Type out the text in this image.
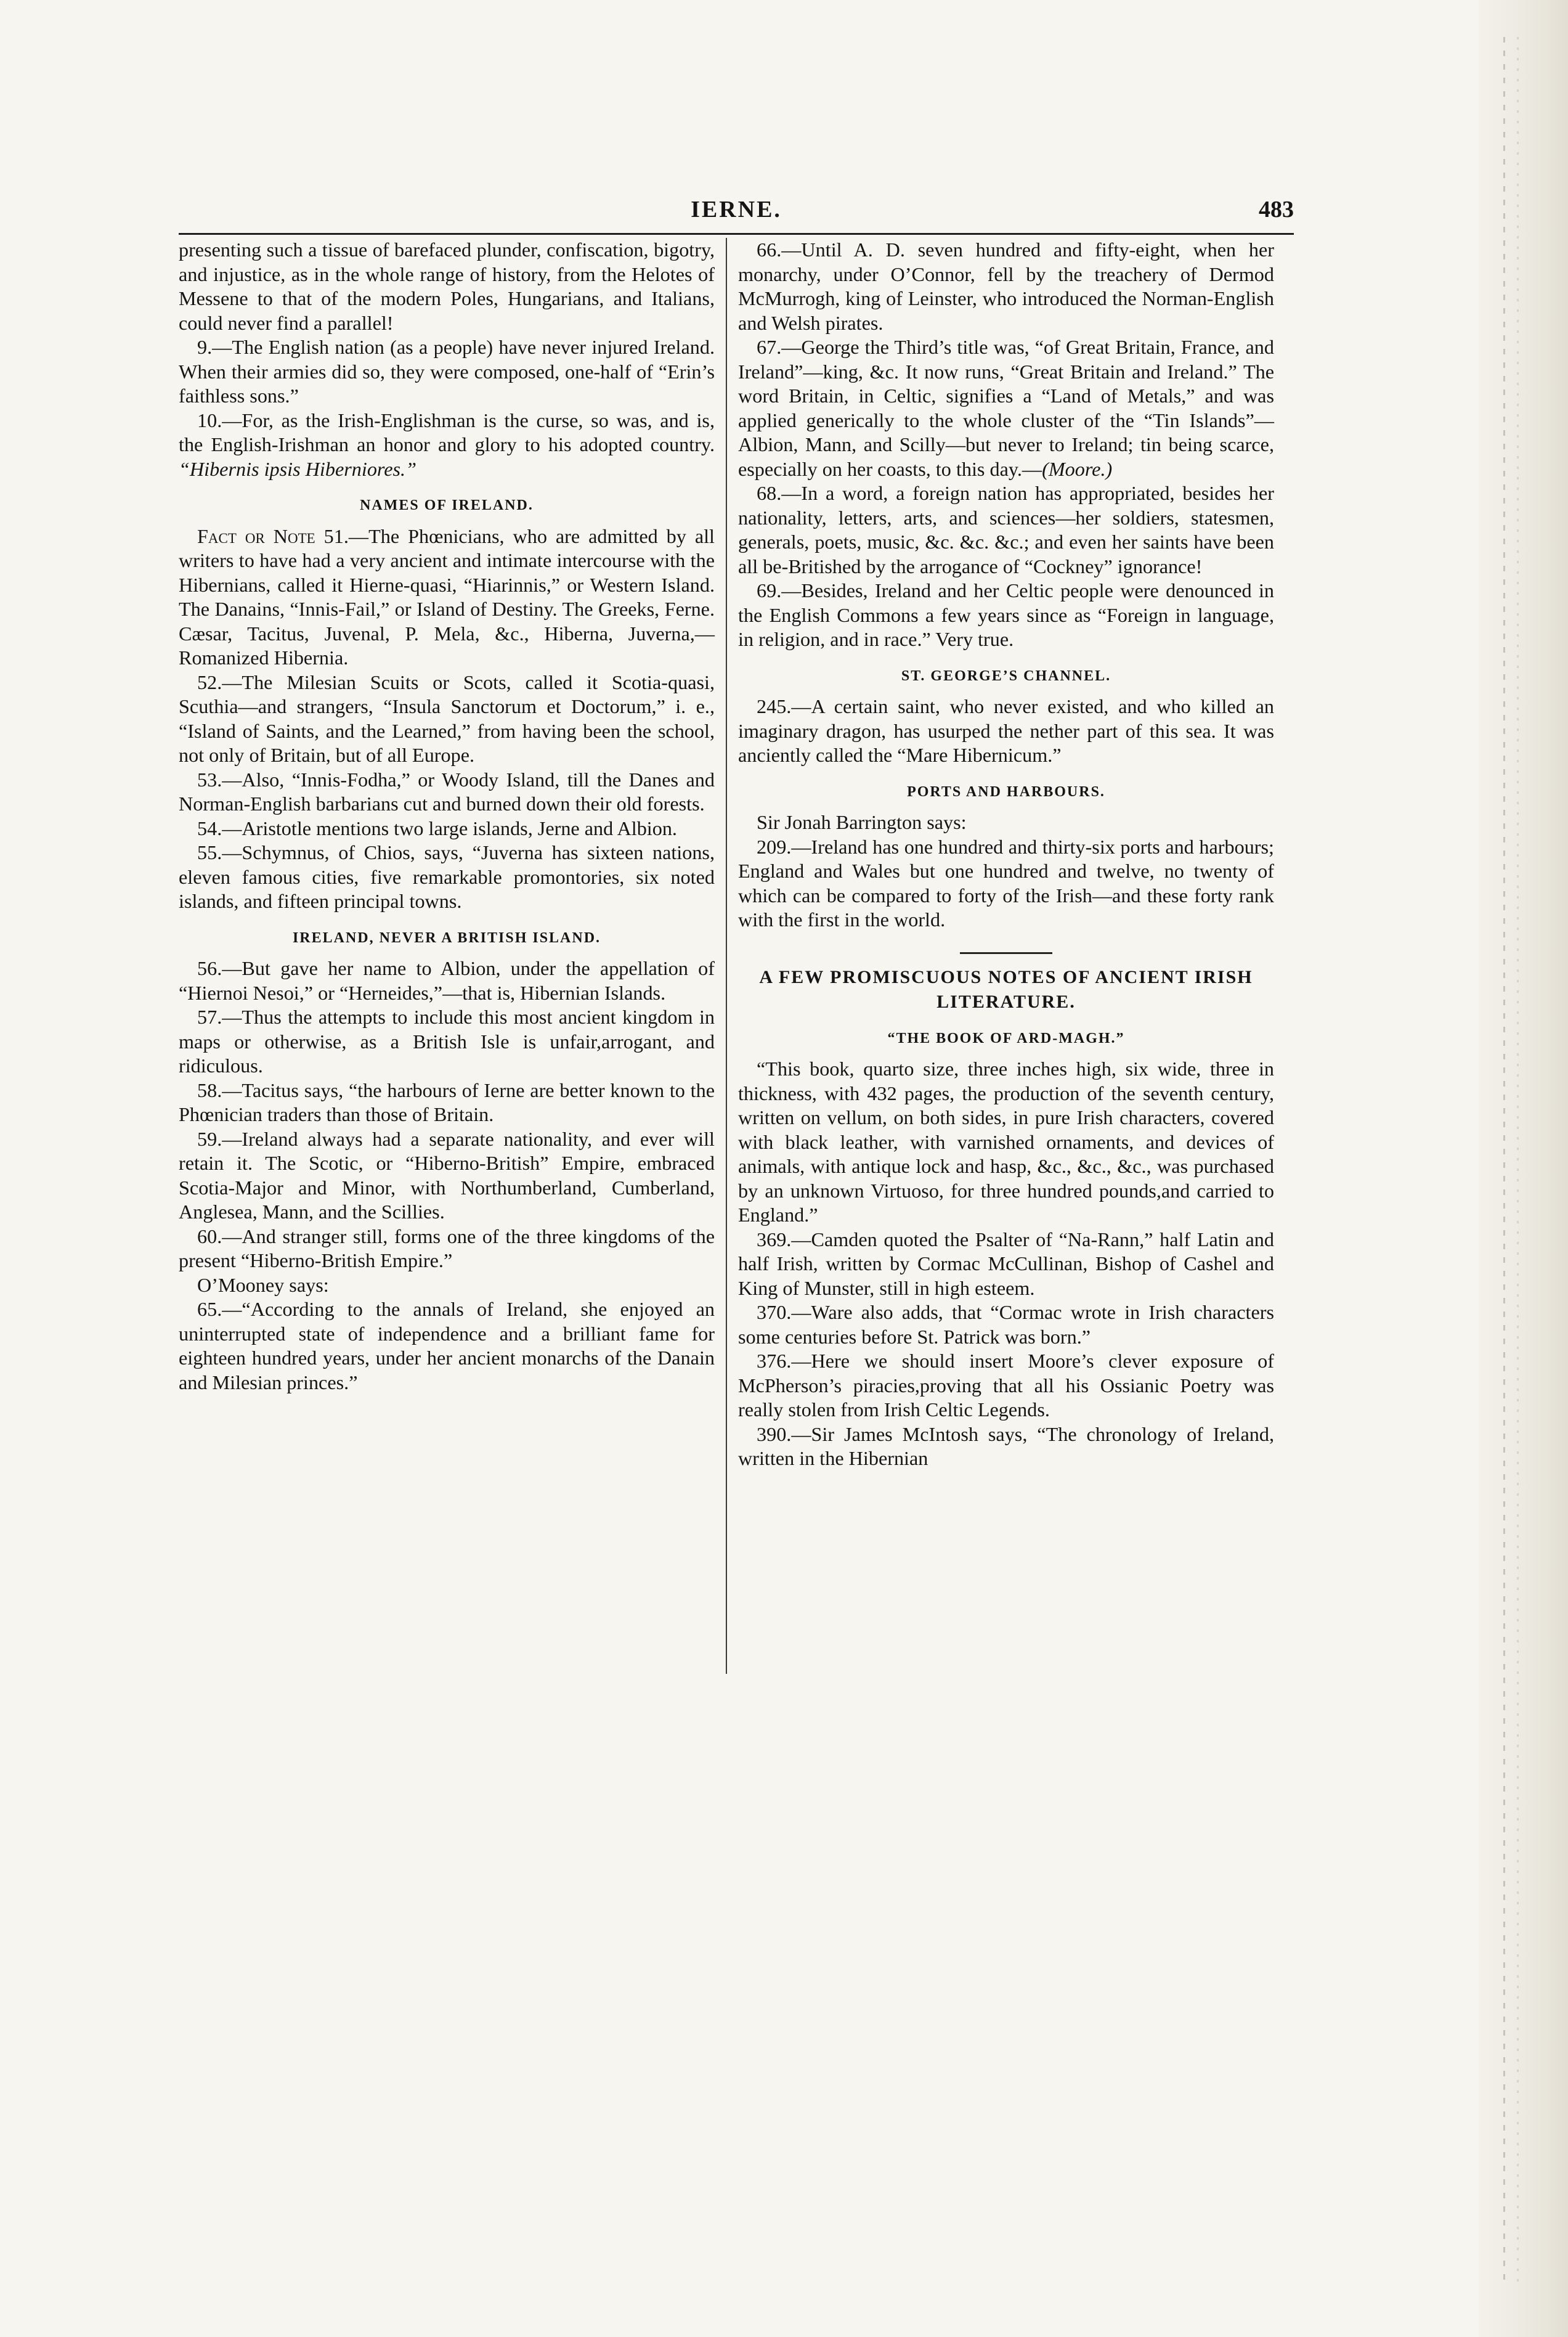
IERNE.	483

presenting such a tissue of barefaced plunder, confiscation, bigotry, and injustice, as in the whole range of history, from the Helotes of Messene to that of the modern Poles, Hungarians, and Italians, could never find a parallel!

9.—The English nation (as a people) have never injured Ireland. When their armies did so, they were composed, one-half of “Erin’s faithless sons.”

10.—For, as the Irish-Englishman is the curse, so was, and is, the English-Irishman an honor and glory to his adopted country. “Hibernis ipsis Hiberniores.”

NAMES OF IRELAND.

Fact or Note 51.—The Phœnicians, who are admitted by all writers to have had a very ancient and intimate intercourse with the Hibernians, called it Hierne-quasi, “Hiarinnis,” or Western Island. The Danains, “Innis-Fail,” or Island of Destiny. The Greeks, Ferne. Cæsar, Tacitus, Juvenal, P. Mela, &c., Hiberna, Juverna,—Romanized Hibernia.

52.—The Milesian Scuits or Scots, called it Scotia-quasi, Scuthia—and strangers, “Insula Sanctorum et Doctorum,” i. e., “Island of Saints, and the Learned,” from having been the school, not only of Britain, but of all Europe.

53.—Also, “Innis-Fodha,” or Woody Island, till the Danes and Norman-English barbarians cut and burned down their old forests.

54.—Aristotle mentions two large islands, Jerne and Albion.

55.—Schymnus, of Chios, says, “Juverna has sixteen nations, eleven famous cities, five remarkable promontories, six noted islands, and fifteen principal towns.

IRELAND, NEVER A BRITISH ISLAND.

56.—But gave her name to Albion, under the appellation of “Hiernoi Nesoi,” or “Herneides,”—that is, Hibernian Islands.

57.—Thus the attempts to include this most ancient kingdom in maps or otherwise, as a British Isle is unfair,arrogant, and ridiculous.

58.—Tacitus says, “the harbours of Ierne are better known to the Phœnician traders than those of Britain.

59.—Ireland always had a separate nationality, and ever will retain it. The Scotic, or “Hiberno-British” Empire, embraced Scotia-Major and Minor, with Northumberland, Cumberland, Anglesea, Mann, and the Scillies.

60.—And stranger still, forms one of the three kingdoms of the present “Hiberno-British Empire.”

O’Mooney says:

65.—“According to the annals of Ireland, she enjoyed an uninterrupted state of independence and a brilliant fame for eighteen hundred years, under her ancient monarchs of the Danain and Milesian princes.”

66.—Until A. D. seven hundred and fifty-eight, when her monarchy, under O’Connor, fell by the treachery of Dermod McMurrogh, king of Leinster, who introduced the Norman-English and Welsh pirates.

67.—George the Third’s title was, “of Great Britain, France, and Ireland”—king, &c. It now runs, “Great Britain and Ireland.” The word Britain, in Celtic, signifies a “Land of Metals,” and was applied generically to the whole cluster of the “Tin Islands”—Albion, Mann, and Scilly—but never to Ireland; tin being scarce, especially on her coasts, to this day.—(Moore.)

68.—In a word, a foreign nation has appropriated, besides her nationality, letters, arts, and sciences—her soldiers, statesmen, generals, poets, music, &c. &c. &c.; and even her saints have been all be-Britished by the arrogance of “Cockney” ignorance!

69.—Besides, Ireland and her Celtic people were denounced in the English Commons a few years since as “Foreign in language, in religion, and in race.” Very true.

ST. GEORGE’S CHANNEL.

245.—A certain saint, who never existed, and who killed an imaginary dragon, has usurped the nether part of this sea. It was anciently called the “Mare Hibernicum.”

PORTS AND HARBOURS.

Sir Jonah Barrington says:

209.—Ireland has one hundred and thirty-six ports and harbours; England and Wales but one hundred and twelve, no twenty of which can be compared to forty of the Irish—and these forty rank with the first in the world.

A FEW PROMISCUOUS NOTES OF ANCIENT IRISH LITERATURE.
“THE BOOK OF ARD-MAGH.”

“This book, quarto size, three inches high, six wide, three in thickness, with 432 pages, the production of the seventh century, written on vellum, on both sides, in pure Irish characters, covered with black leather, with varnished ornaments, and devices of animals, with antique lock and hasp, &c., &c., &c., was purchased by an unknown Virtuoso, for three hundred pounds,and carried to England.”

369.—Camden quoted the Psalter of “Na-Rann,” half Latin and half Irish, written by Cormac McCullinan, Bishop of Cashel and King of Munster, still in high esteem.

370.—Ware also adds, that “Cormac wrote in Irish characters some centuries before St. Patrick was born.”

376.—Here we should insert Moore’s clever exposure of McPherson’s piracies,proving that all his Ossianic Poetry was really stolen from Irish Celtic Legends.

390.—Sir James McIntosh says, “The chronology of Ireland, written in the Hibernian
